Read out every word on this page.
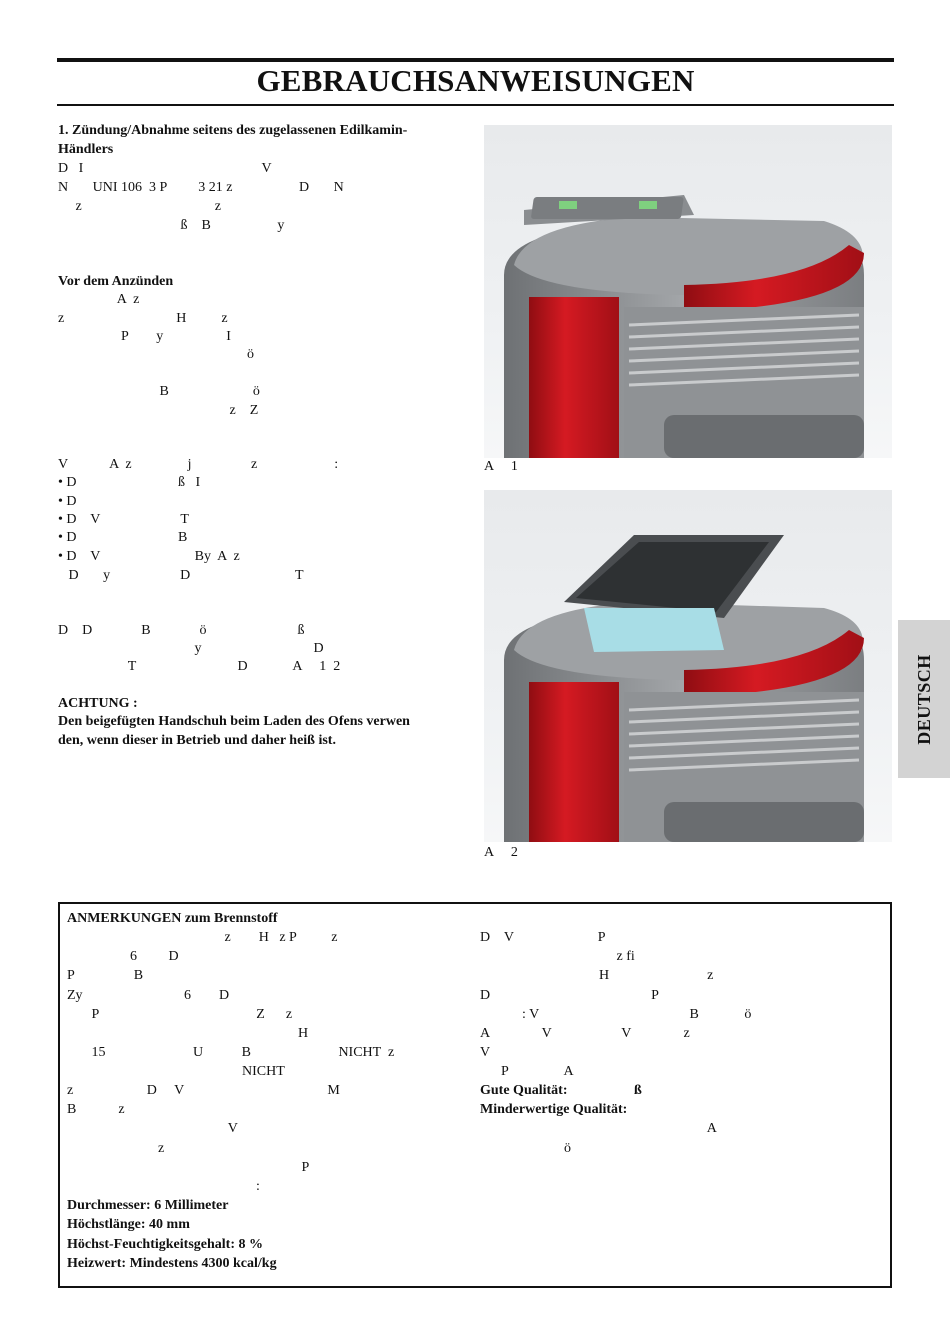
GEBRAUCHSANWEISUNGEN
1. Zündung/Abnahme seitens des zugelassenen Edilkamin-
Händlers
D   I                                                   V
N       UNI 106  3 P         3 21 z                   D       N
z                                      z
ß    B                   y
Vor dem Anzünden
A  z
z                                H          z
P        y                  I
ö
B                        ö
z    Z
V            A  z                j                 z                      :
• D                             ß   I
• D
• D    V                       T
• D                             B
• D    V                           By  A  z
D       y                    D                              T
D    D              B              ö                          ß
y                                D
T                             D             A     1  2
ACHTUNG :
Den beigefügten Handschuh beim Laden des Ofens verwen
den, wenn dieser in Betrieb und daher heiß ist.
A     1
A     2
DEUTSCH
ANMERKUNGEN zum Brennstoff
z        H   z P          z
6         D
P                 B
Zy                             6        D
P                                             Z      z
H
15                         U           B                         NICHT  z
NICHT
z                     D     V                                         M
B            z
V
z
P
:
Durchmesser: 6 Millimeter
Höchstlänge: 40 mm
Höchst-Feuchtigkeitsgehalt: 8 %
Heizwert: Mindestens 4300 kcal/kg
D    V                        P
z fi
H                            z
D                                              P
: V                                           B             ö
A               V                    V               z
V
P                A
Gute Qualität:                   ß
Minderwertige Qualität:
A
ö
